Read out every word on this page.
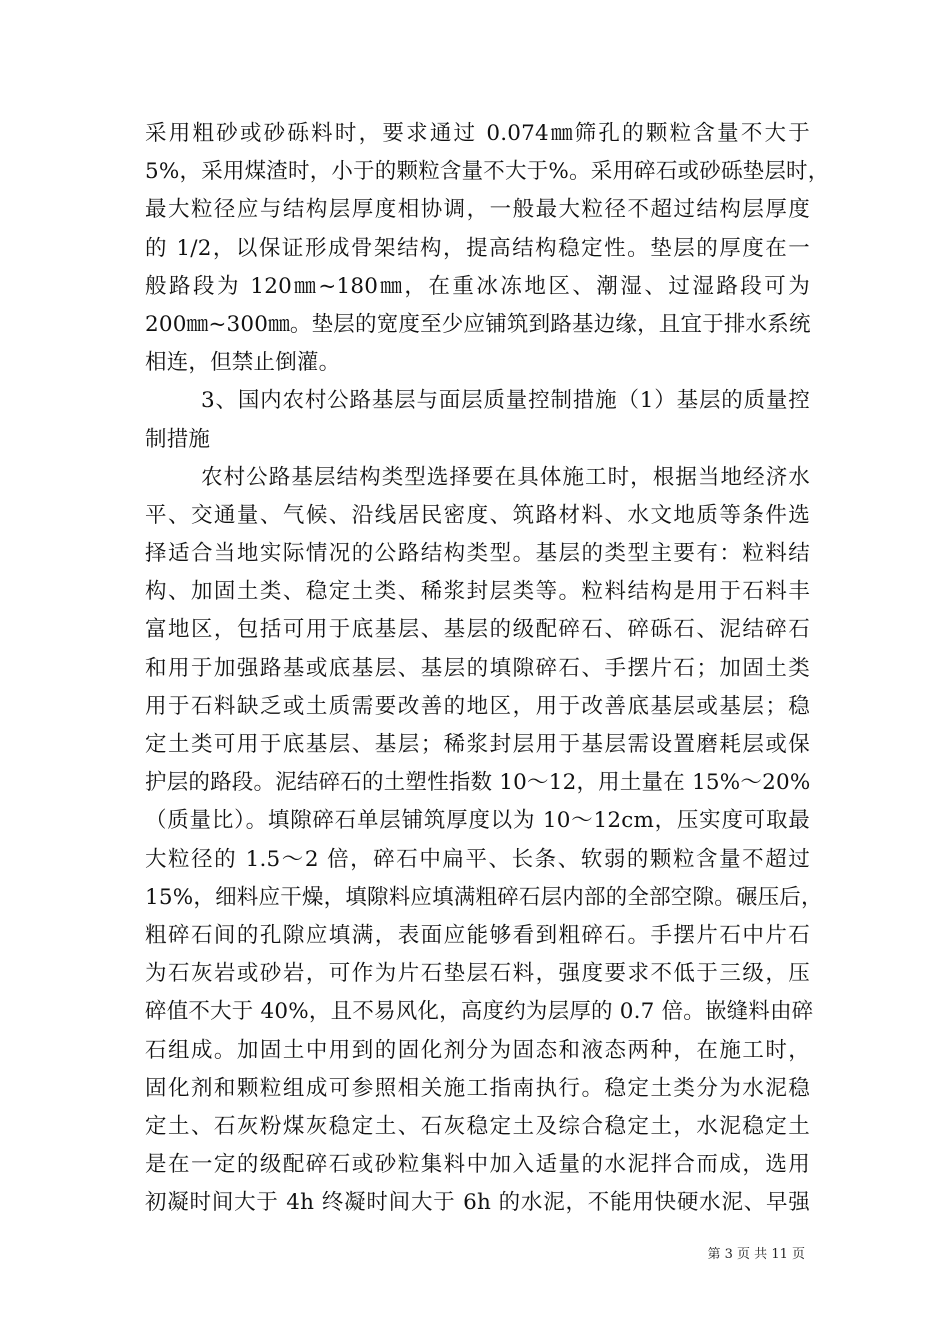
采用粗砂或砂砾料时，要求通过 0.074㎜筛孔的颗粒含量不大于
5%，采用煤渣时，小于的颗粒含量不大于%。采用碎石或砂砾垫层时，
最大粒径应与结构层厚度相协调，一般最大粒径不超过结构层厚度
的 1/2，以保证形成骨架结构，提高结构稳定性。垫层的厚度在一
般路段为 120㎜~180㎜，在重冰冻地区、潮湿、过湿路段可为
200㎜~300㎜。垫层的宽度至少应铺筑到路基边缘，且宜于排水系统
相连，但禁止倒灌。

3、国内农村公路基层与面层质量控制措施（1）基层的质量控
制措施

农村公路基层结构类型选择要在具体施工时，根据当地经济水
平、交通量、气候、沿线居民密度、筑路材料、水文地质等条件选
择适合当地实际情况的公路结构类型。基层的类型主要有：粒料结
构、加固土类、稳定土类、稀浆封层类等。粒料结构是用于石料丰
富地区，包括可用于底基层、基层的级配碎石、碎砾石、泥结碎石
和用于加强路基或底基层、基层的填隙碎石、手摆片石；加固土类
用于石料缺乏或土质需要改善的地区，用于改善底基层或基层；稳
定土类可用于底基层、基层；稀浆封层用于基层需设置磨耗层或保
护层的路段。泥结碎石的土塑性指数 10～12，用土量在 15%～20%
（质量比）。填隙碎石单层铺筑厚度以为 10～12cm，压实度可取最
大粒径的 1.5～2 倍，碎石中扁平、长条、软弱的颗粒含量不超过
15%，细料应干燥，填隙料应填满粗碎石层内部的全部空隙。碾压后，
粗碎石间的孔隙应填满，表面应能够看到粗碎石。手摆片石中片石
为石灰岩或砂岩，可作为片石垫层石料，强度要求不低于三级，压
碎值不大于 40%，且不易风化，高度约为层厚的 0.7 倍。嵌缝料由碎
石组成。加固土中用到的固化剂分为固态和液态两种，在施工时，
固化剂和颗粒组成可参照相关施工指南执行。稳定土类分为水泥稳
定土、石灰粉煤灰稳定土、石灰稳定土及综合稳定土，水泥稳定土
是在一定的级配碎石或砂粒集料中加入适量的水泥拌合而成，选用
初凝时间大于 4h 终凝时间大于 6h 的水泥，不能用快硬水泥、早强

第 3 页 共 11 页
